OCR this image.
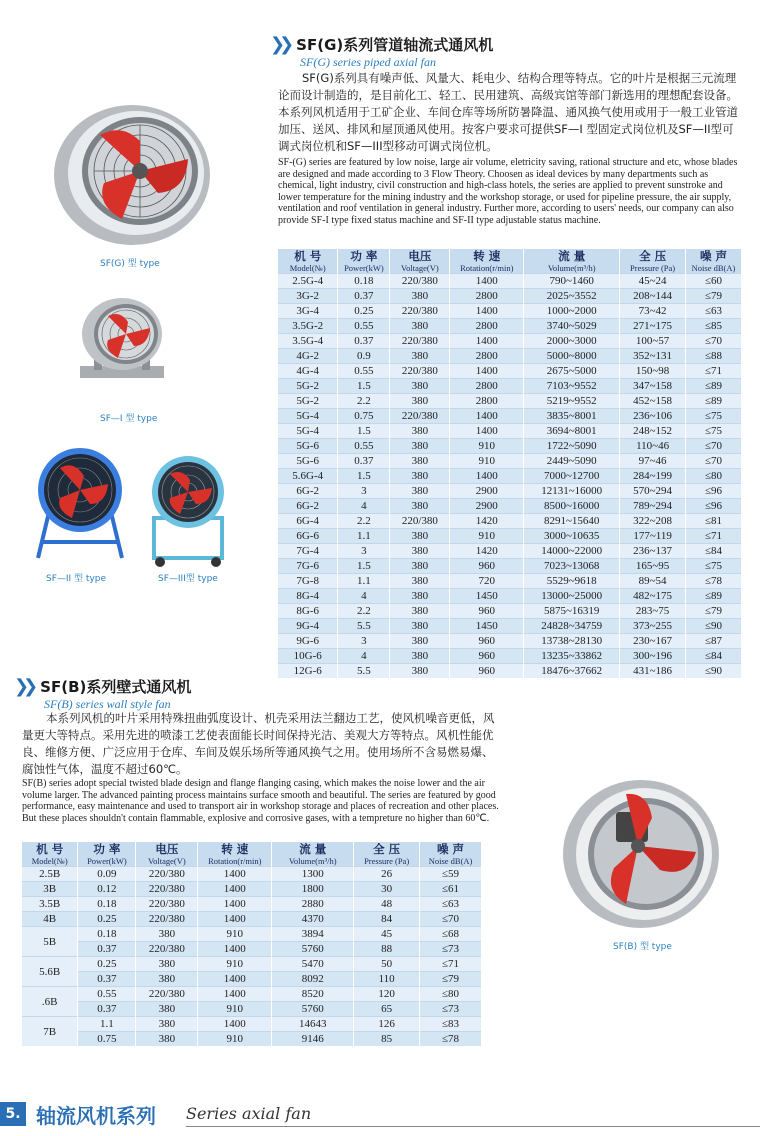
❯❯ SF(G)系列管道轴流式通风机
SF(G) series piped axial fan
SF(G)系列具有噪声低、风量大、耗电少、结构合理等特点。它的叶片是根据三元流理论而设计制造的，是目前化工、轻工、民用建筑、高级宾馆等部门新选用的理想配套设备。本系列风机适用于工矿企业、车间仓库等场所防暑降温、通风换气使用或用于一般工业管道加压、送风、排风和屋顶通风使用。按客户要求可提供SF—I 型固定式岗位机及SF—II型可调式岗位机和SF—III型移动可调式岗位机。
SF-(G) series are featured by low noise, large air volume, eletricity saving, rational structure and etc, whose blades are designed and made according to 3 Flow Theory. Choosen as ideal devices by many departments such as chemical, light industry, civil construction and high-class hotels, the series are applied to prevent sunstroke and lower temperature for the mining industry and the workshop storage, or used for pipeline pressure, the air supply, ventilation and roof ventilation in general industry. Further more, according to users' needs, our company can also provide SF-I type fixed status machine and SF-II type adjustable status machine.
SF(G) 型 type
SF—I 型 type
SF—II 型 type	SF—III型 type
机 号
Model(№)	功 率
Power(kW)	电压
Voltage(V)	转 速
Rotation(r/min)	流 量
Volume(m³/h)	全 压
Pressure (Pa)	噪 声
Noise dB(A)

2.5G-4	0.18	220/380	1400	790~1460	45~24	≤60
3G-2	0.37	380	2800	2025~3552	208~144	≤79
3G-4	0.25	220/380	1400	1000~2000	73~42	≤63
3.5G-2	0.55	380	2800	3740~5029	271~175	≤85
3.5G-4	0.37	220/380	1400	2000~3000	100~57	≤70
4G-2	0.9	380	2800	5000~8000	352~131	≤88
4G-4	0.55	220/380	1400	2675~5000	150~98	≤71
5G-2	1.5	380	2800	7103~9552	347~158	≤89
5G-2	2.2	380	2800	5219~9552	452~158	≤89
5G-4	0.75	220/380	1400	3835~8001	236~106	≤75
5G-4	1.5	380	1400	3694~8001	248~152	≤75
5G-6	0.55	380	910	1722~5090	110~46	≤70
5G-6	0.37	380	910	2449~5090	97~46	≤70
5.6G-4	1.5	380	1400	7000~12700	284~199	≤80
6G-2	3	380	2900	12131~16000	570~294	≤96
6G-2	4	380	2900	8500~16000	789~294	≤96
6G-4	2.2	220/380	1420	8291~15640	322~208	≤81
6G-6	1.1	380	910	3000~10635	177~119	≤71
7G-4	3	380	1420	14000~22000	236~137	≤84
7G-6	1.5	380	960	7023~13068	165~95	≤75
7G-8	1.1	380	720	5529~9618	89~54	≤78
8G-4	4	380	1450	13000~25000	482~175	≤89
8G-6	2.2	380	960	5875~16319	283~75	≤79
9G-4	5.5	380	1450	24828~34759	373~255	≤90
9G-6	3	380	960	13738~28130	230~167	≤87
10G-6	4	380	960	13235~33862	300~196	≤84
12G-6	5.5	380	960	18476~37662	431~186	≤90
❯❯ SF(B)系列壁式通风机
SF(B) series wall style fan
本系列风机的叶片采用特殊扭曲弧度设计、机壳采用法兰翻边工艺，使风机噪音更低，风量更大等特点。采用先进的喷漆工艺使表面能长时间保持光洁、美观大方等特点。风机性能优良、维修方便、广泛应用于仓库、车间及娱乐场所等通风换气之用。使用场所不含易燃易爆、腐蚀性气体，温度不超过60℃。
SF(B) series adopt special twisted blade design and flange flanging casing, which makes the noise lower and the air volume larger. The advanced painting process maintains surface smooth and beautiful. The series are featured by good performance, easy maintenance and used to transport air in workshop storage and places of recreation and other places. But these places shouldn't contain flammable, explosive and corrosive gases, with a tempreture no higher than 60℃.
SF(B) 型 type
机 号
Model(№)	功 率
Power(kW)	电压
Voltage(V)	转 速
Rotation(r/min)	流 量
Volume(m³/h)	全 压
Pressure (Pa)	噪 声
Noise dB(A)

2.5B	0.09	220/380	1400	1300	26	≤59
3B	0.12	220/380	1400	1800	30	≤61
3.5B	0.18	220/380	1400	2880	48	≤63
4B	0.25	220/380	1400	4370	84	≤70
5B	0.18	380	910	3894	45	≤68
	0.37	220/380	1400	5760	88	≤73
5.6B	0.25	380	910	5470	50	≤71
	0.37	380	1400	8092	110	≤79
.6B	0.55	220/380	1400	8520	120	≤80
	0.37	380	910	5760	65	≤73
7B	1.1	380	1400	14643	126	≤83
	0.75	380	910	9146	85	≤78
5. 轴流风机系列 Series axial fan
